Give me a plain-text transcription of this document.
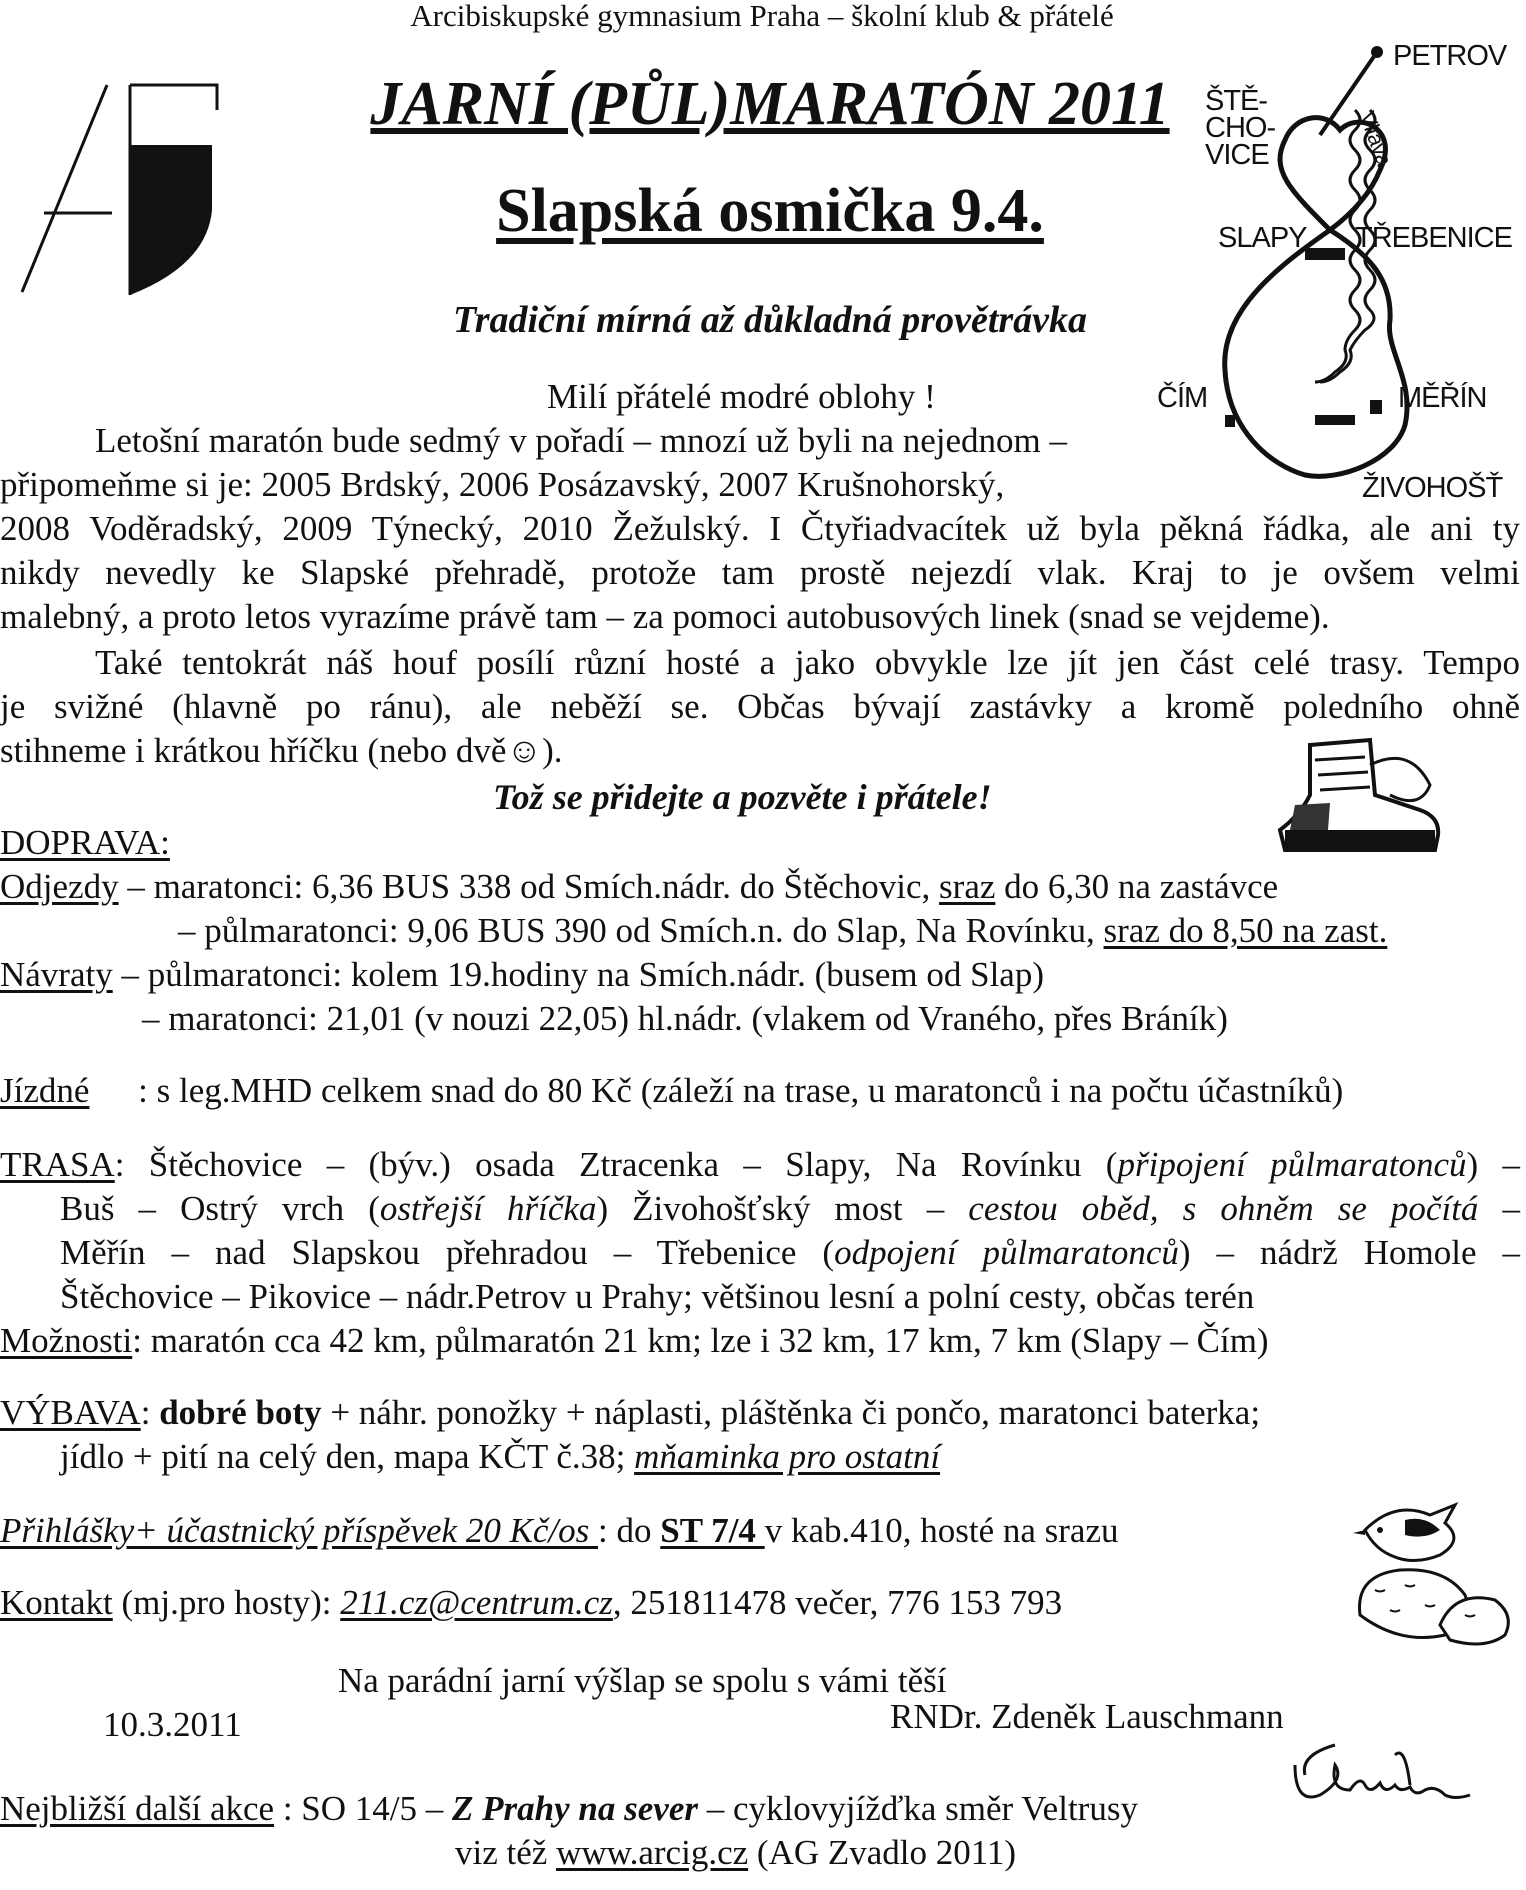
Arcibiskupské gymnasium Praha – školní klub & přátelé
JARNÍ (PŮL)MARATÓN 2011
Slapská osmička 9.4.
Tradiční mírná až důkladná provětrávka
PETROV
ŠTĚ-
CHO-
VICE	Vltava
SLAPY TŘEBENICE
ČÍM	MĚŘÍN
ŽIVOHOŠŤ
Milí přátelé modré oblohy !
Letošní maratón bude sedmý v pořadí – mnozí už byli na nejednom –
připomeňme si je: 2005 Brdský, 2006 Posázavský, 2007 Krušnohorský,
2008 Voděradský, 2009 Týnecký, 2010 Žežulský. I Čtyřiadvacítek už byla pěkná řádka, ale ani ty
nikdy nevedly ke Slapské přehradě, protože tam prostě nejezdí vlak. Kraj to je ovšem velmi
malebný, a proto letos vyrazíme právě tam – za pomoci autobusových linek (snad se vejdeme).
Také tentokrát náš houf posílí různí hosté a jako obvykle lze jít jen část celé trasy. Tempo
je svižné (hlavně po ránu), ale neběží se. Občas bývají zastávky a kromě poledního ohně
stihneme i krátkou hříčku (nebo dvě☺).
Tož se přidejte a pozvěte i přátele!
DOPRAVA:
Odjezdy – maratonci: 6,36 BUS 338 od Smích.nádr. do Štěchovic, sraz do 6,30 na zastávce
– půlmaratonci: 9,06 BUS 390 od Smích.n. do Slap, Na Rovínku, sraz do 8,50 na zast.
Návraty – půlmaratonci: kolem 19.hodiny na Smích.nádr. (busem od Slap)
– maratonci: 21,01 (v nouzi 22,05) hl.nádr. (vlakem od Vraného, přes Bráník)
Jízdné : s leg.MHD celkem snad do 80 Kč (záleží na trase, u maratonců i na počtu účastníků)
TRASA: Štěchovice – (býv.) osada Ztracenka – Slapy, Na Rovínku (připojení půlmaratonců) –
Buš – Ostrý vrch (ostřejší hříčka) Živohošťský most – cestou oběd, s ohněm se počítá –
Měřín – nad Slapskou přehradou – Třebenice (odpojení půlmaratonců) – nádrž Homole –
Štěchovice – Pikovice – nádr.Petrov u Prahy; většinou lesní a polní cesty, občas terén
Možnosti: maratón cca 42 km, půlmaratón 21 km; lze i 32 km, 17 km, 7 km (Slapy – Čím)
VÝBAVA: dobré boty + náhr. ponožky + náplasti, pláštěnka či pončo, maratonci baterka;
jídlo + pití na celý den, mapa KČT č.38; mňaminka pro ostatní
Přihlášky+ účastnický příspěvek 20 Kč/os : do ST 7/4 v kab.410, hosté na srazu
Kontakt (mj.pro hosty): 211.cz@centrum.cz, 251811478 večer, 776 153 793
Na parádní jarní výšlap se spolu s vámi těší
10.3.2011	RNDr. Zdeněk Lauschmann
Nejbližší další akce : SO 14/5 – Z Prahy na sever – cyklovyjížďka směr Veltrusy
viz též www.arcig.cz (AG Zvadlo 2011)
